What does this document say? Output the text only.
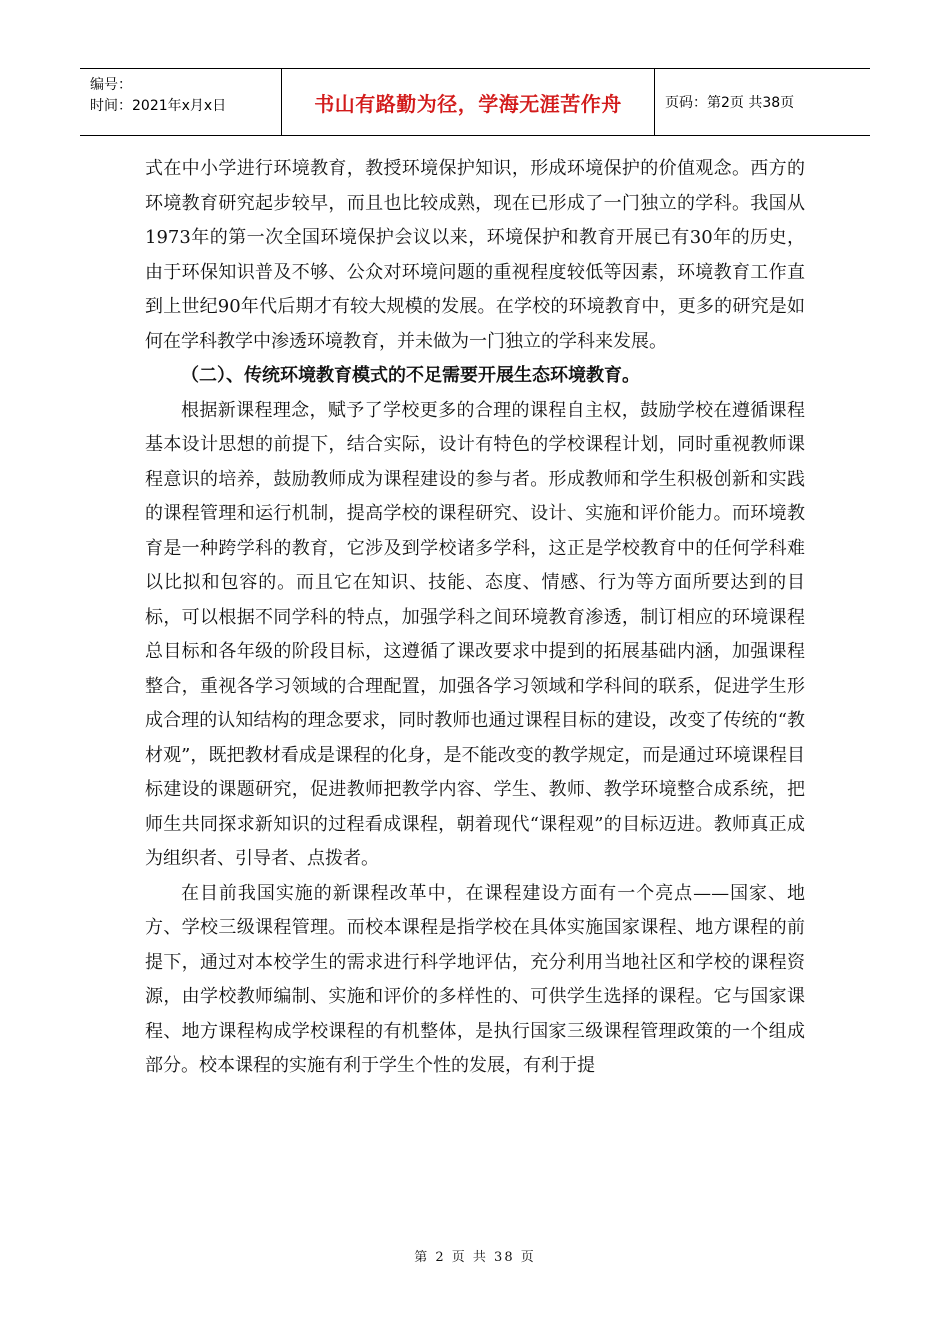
编号：
时间：2021年x月x日	书山有路勤为径，学海无涯苦作舟	页码：第2页 共38页

式在中小学进行环境教育，教授环境保护知识，形成环境保护的价值观念。西方的环境教育研究起步较早，而且也比较成熟，现在已形成了一门独立的学科。我国从1973年的第一次全国环境保护会议以来，环境保护和教育开展已有30年的历史，由于环保知识普及不够、公众对环境问题的重视程度较低等因素，环境教育工作直到上世纪90年代后期才有较大规模的发展。在学校的环境教育中，更多的研究是如何在学科教学中渗透环境教育，并未做为一门独立的学科来发展。

（二）、传统环境教育模式的不足需要开展生态环境教育。

根据新课程理念，赋予了学校更多的合理的课程自主权，鼓励学校在遵循课程基本设计思想的前提下，结合实际，设计有特色的学校课程计划，同时重视教师课程意识的培养，鼓励教师成为课程建设的参与者。形成教师和学生积极创新和实践的课程管理和运行机制，提高学校的课程研究、设计、实施和评价能力。而环境教育是一种跨学科的教育，它涉及到学校诸多学科，这正是学校教育中的任何学科难以比拟和包容的。而且它在知识、技能、态度、情感、行为等方面所要达到的目标，可以根据不同学科的特点，加强学科之间环境教育渗透，制订相应的环境课程总目标和各年级的阶段目标，这遵循了课改要求中提到的拓展基础内涵，加强课程整合，重视各学习领域的合理配置，加强各学习领域和学科间的联系，促进学生形成合理的认知结构的理念要求，同时教师也通过课程目标的建设，改变了传统的“教材观”，既把教材看成是课程的化身，是不能改变的教学规定，而是通过环境课程目标建设的课题研究，促进教师把教学内容、学生、教师、教学环境整合成系统，把师生共同探求新知识的过程看成课程，朝着现代“课程观”的目标迈进。教师真正成为组织者、引导者、点拨者。

在目前我国实施的新课程改革中，在课程建设方面有一个亮点——国家、地方、学校三级课程管理。而校本课程是指学校在具体实施国家课程、地方课程的前提下，通过对本校学生的需求进行科学地评估，充分利用当地社区和学校的课程资源，由学校教师编制、实施和评价的多样性的、可供学生选择的课程。它与国家课程、地方课程构成学校课程的有机整体，是执行国家三级课程管理政策的一个组成部分。校本课程的实施有利于学生个性的发展，有利于提

第 2 页 共 38 页
